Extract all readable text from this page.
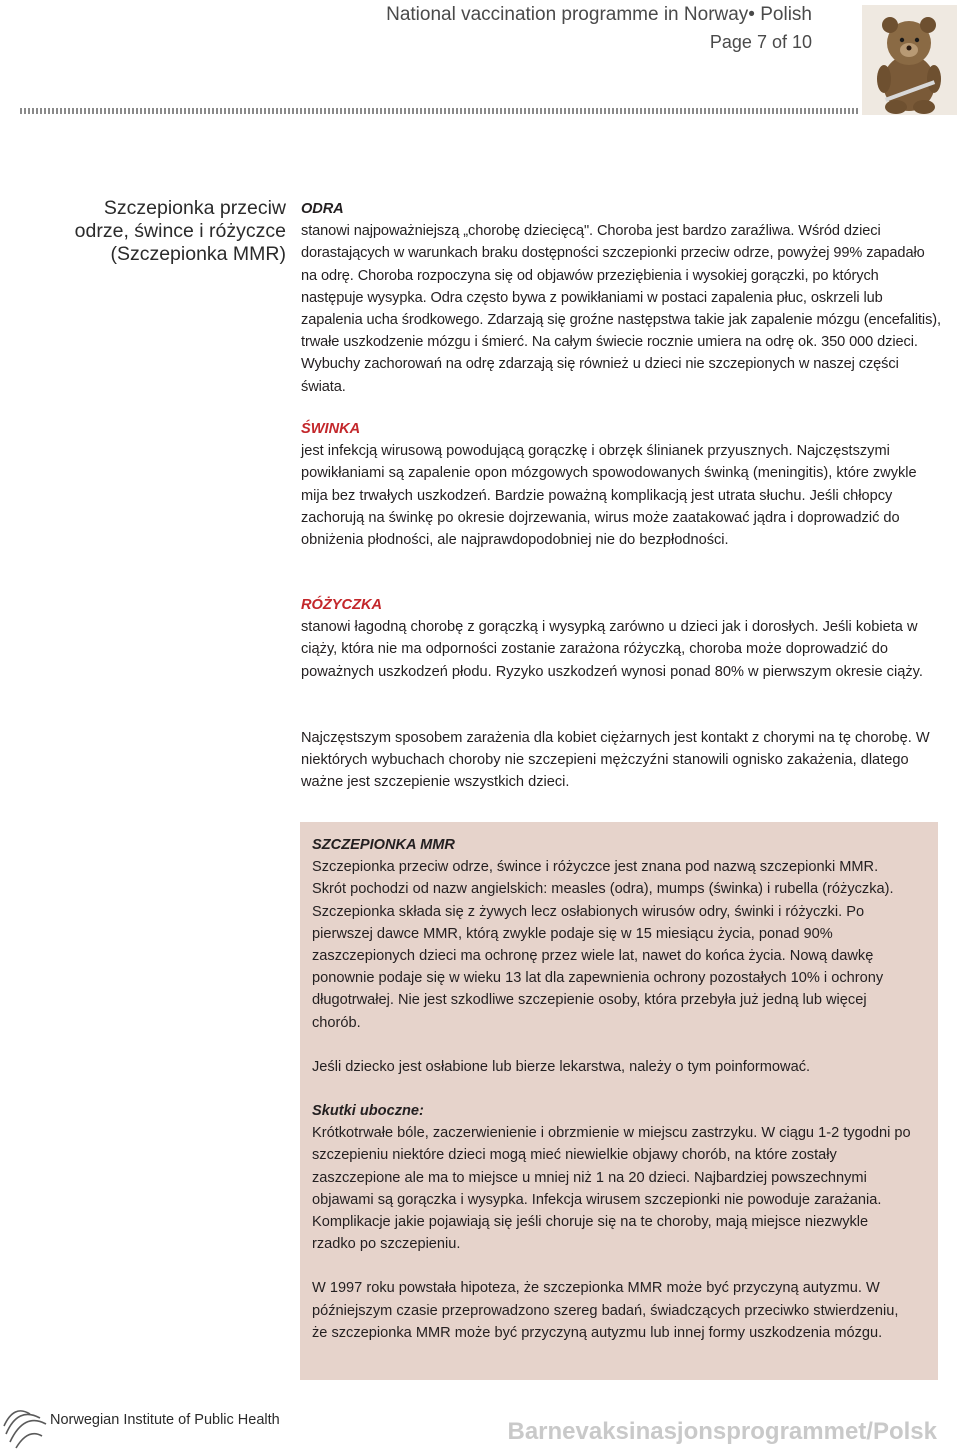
National vaccination programme in Norway• Polish
Page 7 of 10
Szczepionka przeciw odrze, śwince i różyczce (Szczepionka MMR)
ODRA

stanowi najpoważniejszą „chorobę dziecięcą". Choroba jest bardzo zaraźliwa. Wśród dzieci dorastających w warunkach braku dostępności szczepionki przeciw odrze, powyżej 99% zapadało na odrę. Choroba rozpoczyna się od objawów przeziębienia i wysokiej gorączki, po których następuje wysypka. Odra często bywa z powikłaniami w postaci zapalenia płuc, oskrzeli lub zapalenia ucha środkowego. Zdarzają się groźne następstwa takie jak zapalenie mózgu (encefalitis), trwałe uszkodzenie mózgu i śmierć. Na całym świecie rocznie umiera na odrę ok. 350 000 dzieci. Wybuchy zachorowań na odrę zdarzają się również u dzieci nie szczepionych w naszej części świata.

ŚWINKA

jest infekcją wirusową powodującą gorączkę i obrzęk ślinianek przyusznych. Najczęstszymi powikłaniami są zapalenie opon mózgowych spowodowanych świnką (meningitis), które zwykle mija bez trwałych uszkodzeń. Bardzie poważną komplikacją jest utrata słuchu. Jeśli chłopcy zachorują na świnkę po okresie dojrzewania, wirus może zaatakować jądra i doprowadzić do obniżenia płodności, ale najprawdopodobniej nie do bezpłodności.

RÓŻYCZKA

stanowi łagodną chorobę z gorączką i wysypką zarówno u dzieci jak i dorosłych. Jeśli kobieta w ciąży, która nie ma odporności zostanie zarażona różyczką, choroba może doprowadzić do poważnych uszkodzeń płodu. Ryzyko uszkodzeń wynosi ponad 80% w pierwszym okresie ciąży.

Najczęstszym sposobem zarażenia dla kobiet ciężarnych jest kontakt z chorymi na tę chorobę. W niektórych wybuchach choroby nie szczepieni mężczyźni stanowili ognisko zakażenia, dlatego ważne jest szczepienie wszystkich dzieci.

SZCZEPIONKA MMR

Szczepionka przeciw odrze, śwince i różyczce jest znana pod nazwą szczepionki MMR. Skrót pochodzi od nazw angielskich: measles (odra), mumps (świnka) i rubella (różyczka). Szczepionka składa się z żywych lecz osłabionych wirusów odry, świnki i różyczki. Po pierwszej dawce MMR, którą zwykle podaje się w 15 miesiącu życia, ponad 90% zaszczepionych dzieci ma ochronę przez wiele lat, nawet do końca życia. Nową dawkę ponownie podaje się w wieku 13 lat dla zapewnienia ochrony pozostałych 10% i ochrony długotrwałej. Nie jest szkodliwe szczepienie osoby, która przebyła już jedną lub więcej chorób.

Jeśli dziecko jest osłabione lub bierze lekarstwa, należy o tym poinformować.

Skutki uboczne:

Krótkotrwałe bóle, zaczerwienienie i obrzmienie w miejscu zastrzyku. W ciągu 1-2 tygodni po szczepieniu niektóre dzieci mogą mieć niewielkie objawy chorób, na które zostały zaszczepione ale ma to miejsce u mniej niż 1 na 20 dzieci. Najbardziej powszechnymi objawami są gorączka i wysypka. Infekcja wirusem szczepionki nie powoduje zarażania. Komplikacje jakie pojawiają się jeśli choruje się na te choroby, mają miejsce niezwykle rzadko po szczepieniu.

W 1997 roku powstała hipoteza, że szczepionka MMR może być przyczyną autyzmu. W późniejszym czasie przeprowadzono szereg badań, świadczących przeciwko stwierdzeniu, że szczepionka MMR może być przyczyną autyzmu lub innej formy uszkodzenia mózgu.

Norwegian Institute of Public Health	Barnevaksinasjonsprogrammet/Polsk
